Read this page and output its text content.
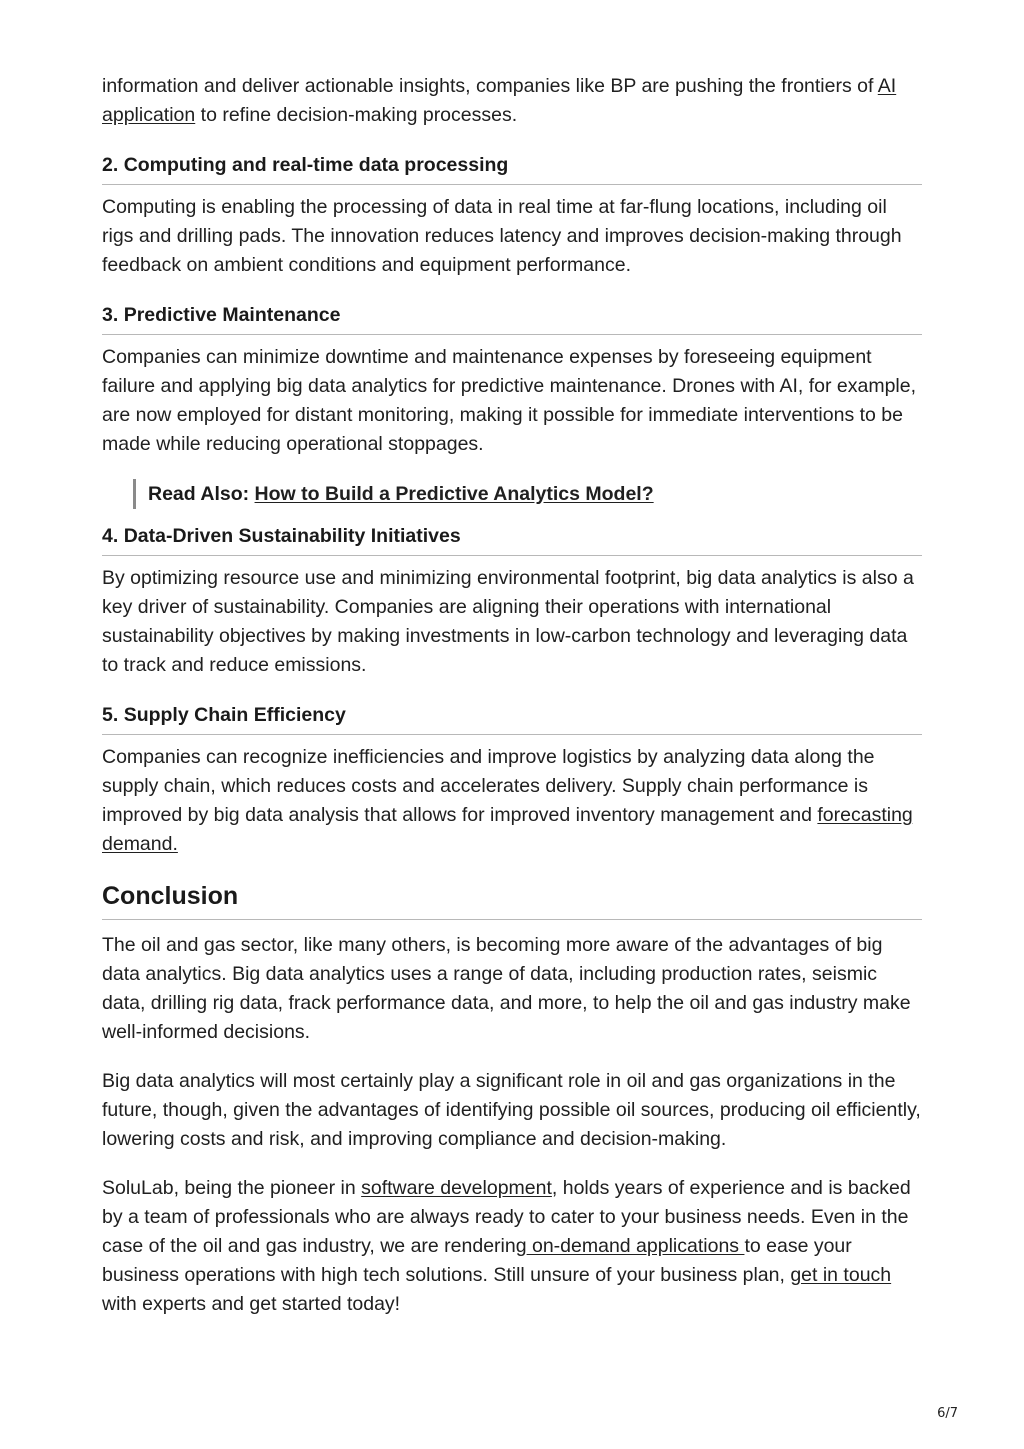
information and deliver actionable insights, companies like BP are pushing the frontiers of AI application to refine decision-making processes.

2. Computing and real-time data processing

Computing is enabling the processing of data in real time at far-flung locations, including oil rigs and drilling pads. The innovation reduces latency and improves decision-making through feedback on ambient conditions and equipment performance.

3. Predictive Maintenance

Companies can minimize downtime and maintenance expenses by foreseeing equipment failure and applying big data analytics for predictive maintenance. Drones with AI, for example, are now employed for distant monitoring, making it possible for immediate interventions to be made while reducing operational stoppages.

Read Also: How to Build a Predictive Analytics Model?
4. Data-Driven Sustainability Initiatives

By optimizing resource use and minimizing environmental footprint, big data analytics is also a key driver of sustainability. Companies are aligning their operations with international sustainability objectives by making investments in low-carbon technology and leveraging data to track and reduce emissions.

5. Supply Chain Efficiency

Companies can recognize inefficiencies and improve logistics by analyzing data along the supply chain, which reduces costs and accelerates delivery. Supply chain performance is improved by big data analysis that allows for improved inventory management and forecasting demand.

Conclusion

The oil and gas sector, like many others, is becoming more aware of the advantages of big data analytics. Big data analytics uses a range of data, including production rates, seismic data, drilling rig data, frack performance data, and more, to help the oil and gas industry make well-informed decisions.

Big data analytics will most certainly play a significant role in oil and gas organizations in the future, though, given the advantages of identifying possible oil sources, producing oil efficiently, lowering costs and risk, and improving compliance and decision-making.

SoluLab, being the pioneer in software development, holds years of experience and is backed by a team of professionals who are always ready to cater to your business needs. Even in the case of the oil and gas industry, we are rendering on-demand applications to ease your business operations with high tech solutions. Still unsure of your business plan, get in touch with experts and get started today!

6/7
